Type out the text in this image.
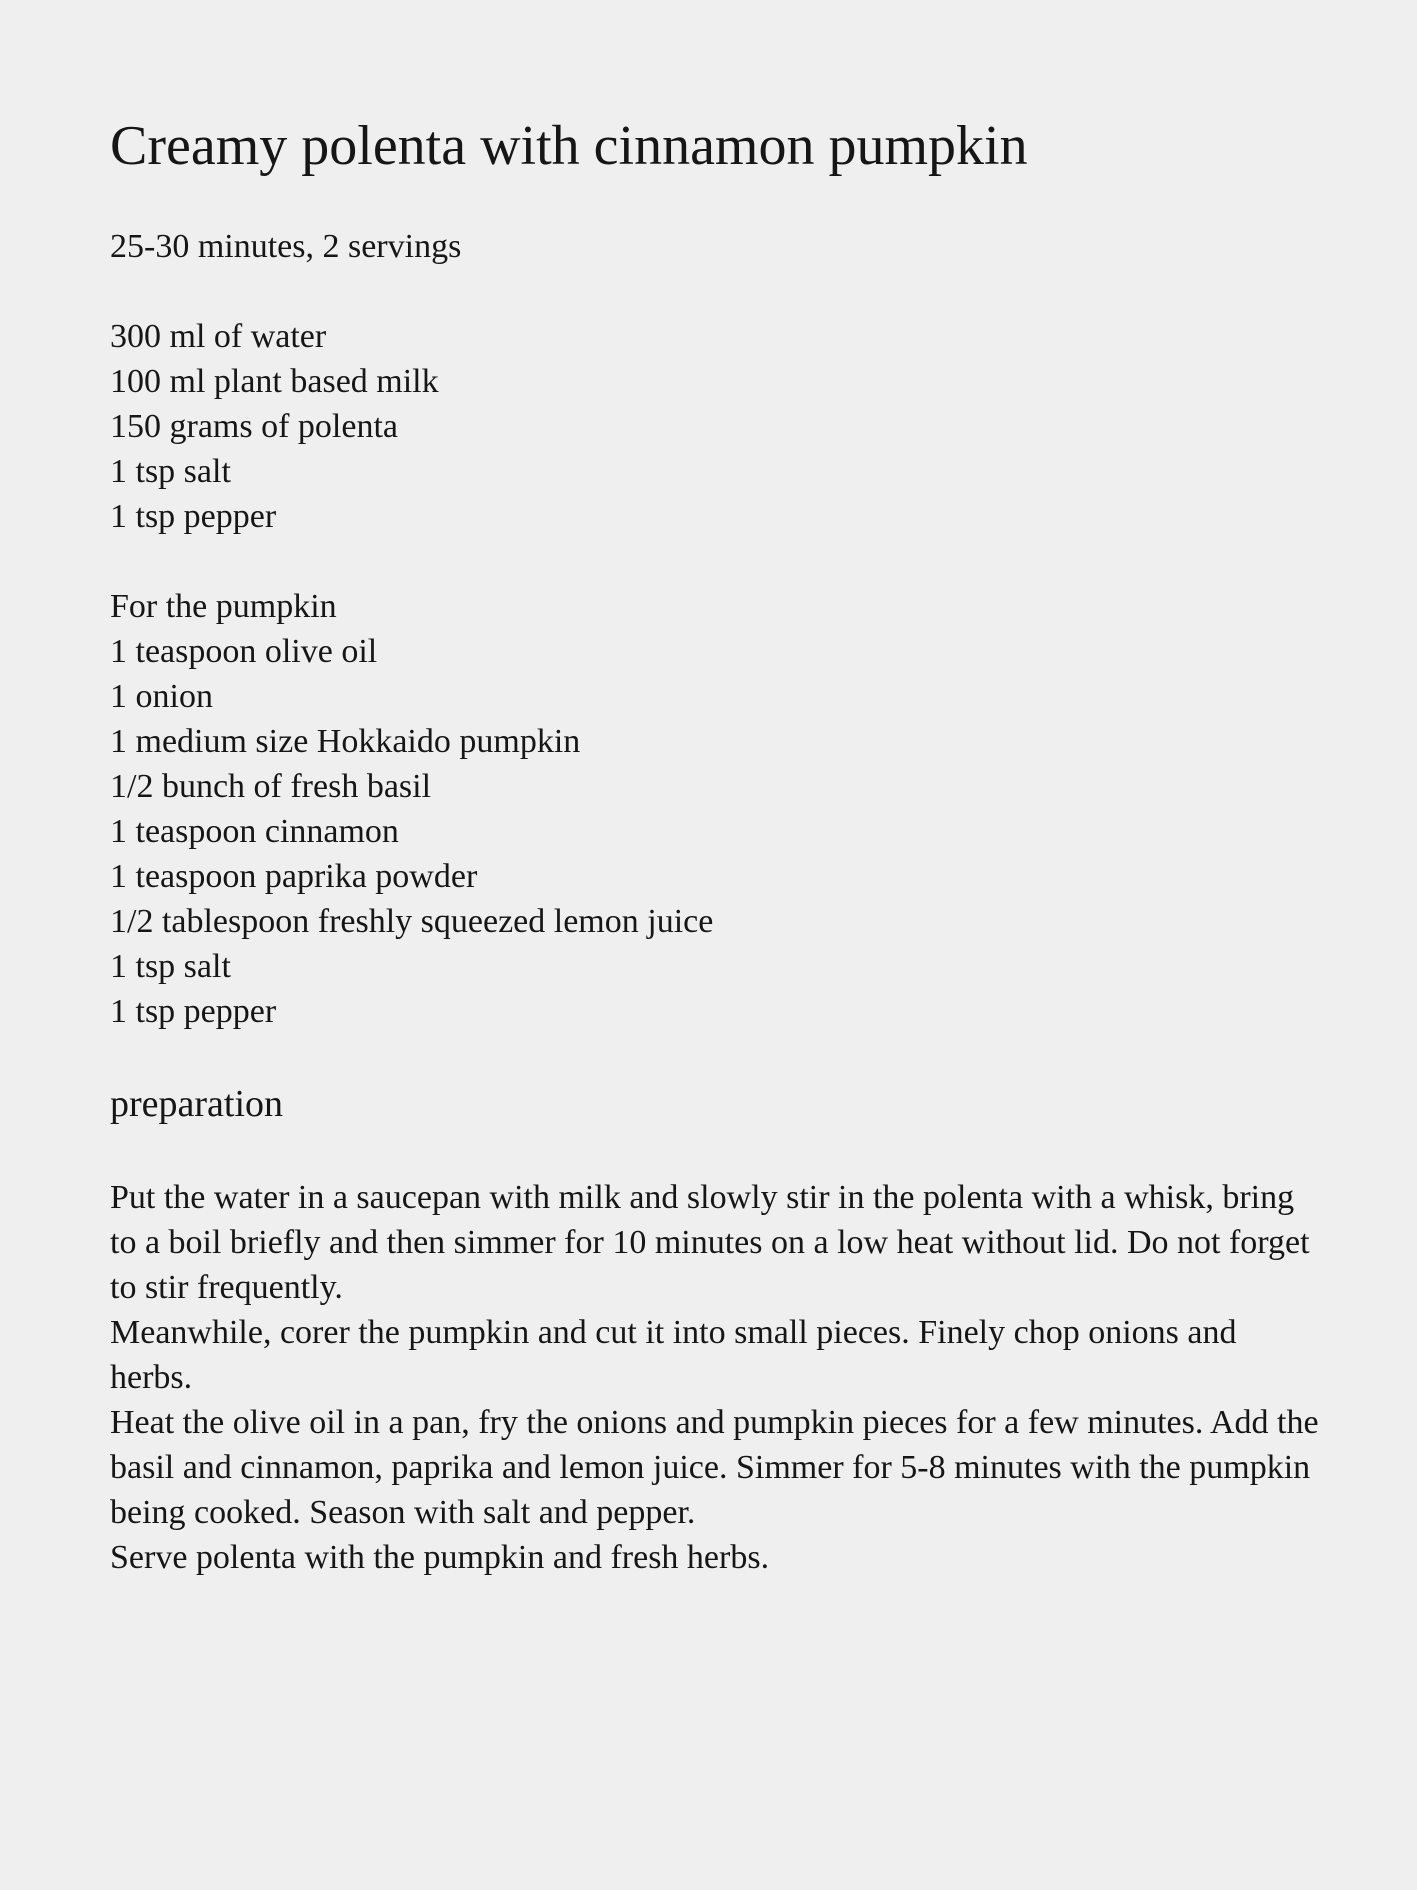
Creamy polenta with cinnamon pumpkin

25-30 minutes, 2 servings

300 ml of water
100 ml plant based milk
150 grams of polenta
1 tsp salt
1 tsp pepper

For the pumpkin

1 teaspoon olive oil
1 onion
1 medium size Hokkaido pumpkin
1/2 bunch of fresh basil
1 teaspoon cinnamon
1 teaspoon paprika powder
1/2 tablespoon freshly squeezed lemon juice
1 tsp salt
1 tsp pepper
preparation

Put the water in a saucepan with milk and slowly stir in the polenta with a whisk, bring to a boil briefly and then simmer for 10 minutes on a low heat without lid. Do not forget to stir frequently.

Meanwhile, corer the pumpkin and cut it into small pieces. Finely chop onions and herbs.

Heat the olive oil in a pan, fry the onions and pumpkin pieces for a few minutes. Add the basil and cinnamon, paprika and lemon juice. Simmer for 5-8 minutes with the pumpkin being cooked. Season with salt and pepper.

Serve polenta with the pumpkin and fresh herbs.
